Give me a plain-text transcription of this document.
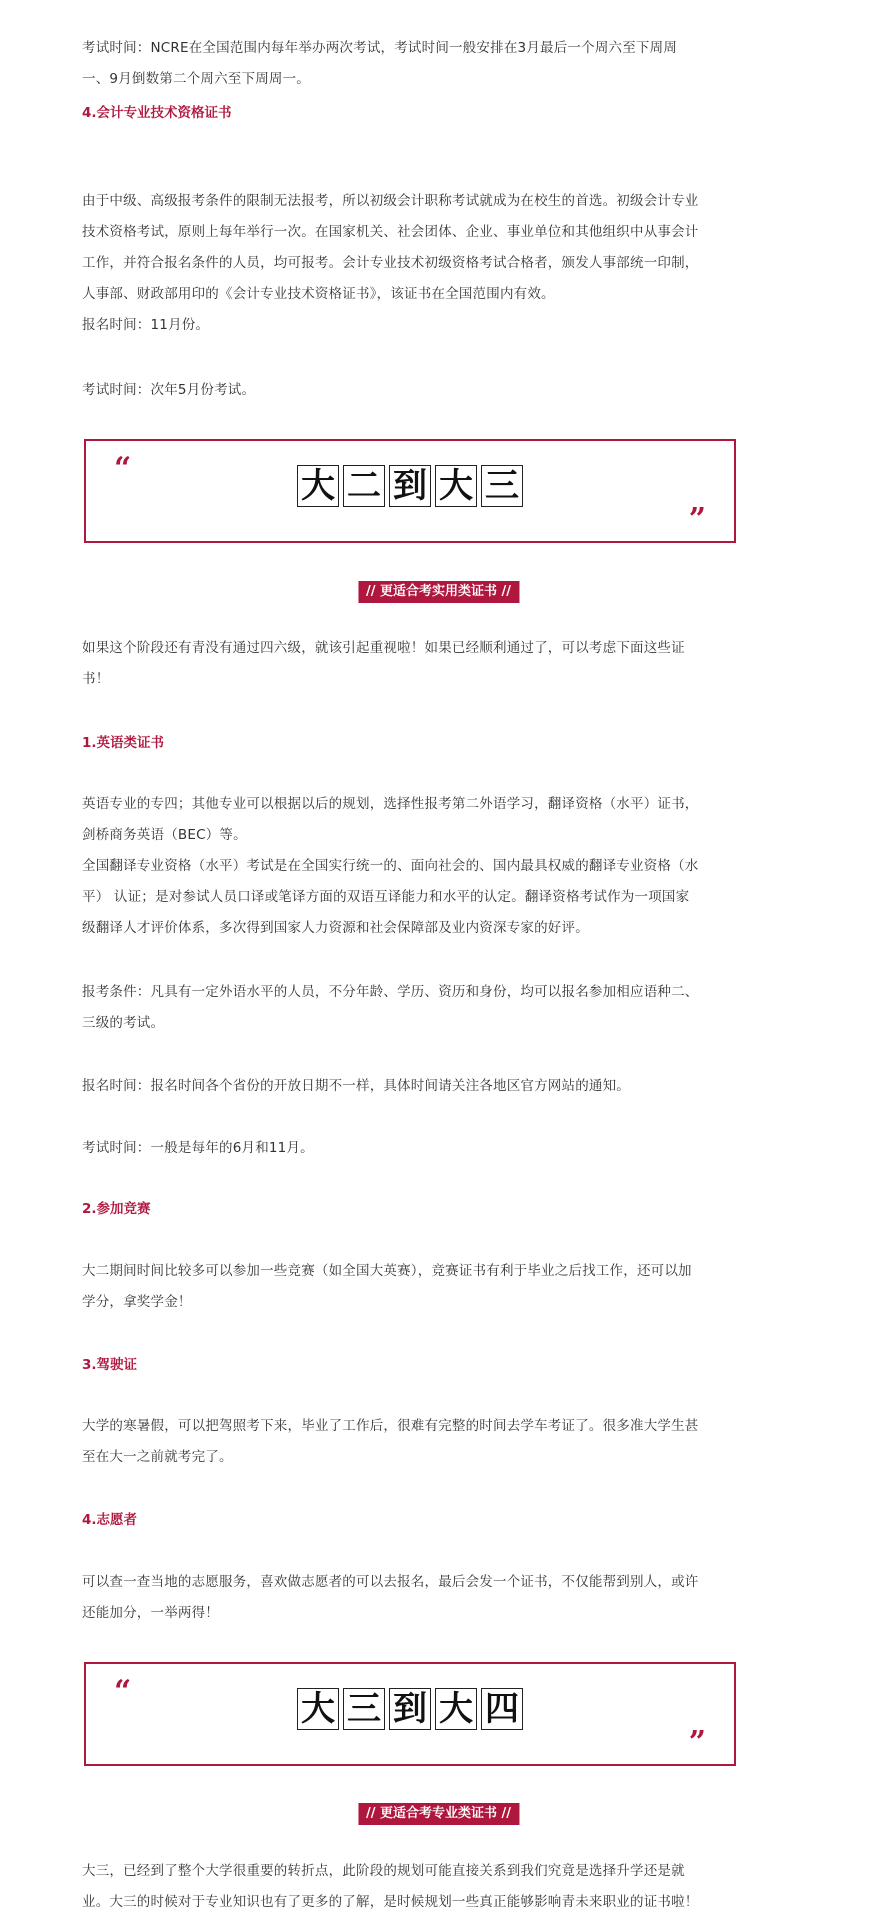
考试时间：NCRE在全国范围内每年举办两次考试，考试时间一般安排在3月最后一个周六至下周周

一、9月倒数第二个周六至下周周一。

4.会计专业技术资格证书

由于中级、高级报考条件的限制无法报考，所以初级会计职称考试就成为在校生的首选。初级会计专业

技术资格考试，原则上每年举行一次。在国家机关、社会团体、企业、事业单位和其他组织中从事会计

工作，并符合报名条件的人员，均可报考。会计专业技术初级资格考试合格者，颁发人事部统一印制，

人事部、财政部用印的《会计专业技术资格证书》，该证书在全国范围内有效。

报名时间：11月份。

考试时间：次年5月份考试。

“	大 二 到 大 三
”
// 更适合考实用类证书 //

如果这个阶段还有青没有通过四六级，就该引起重视啦！如果已经顺利通过了，可以考虑下面这些证

书！

1.英语类证书

英语专业的专四；其他专业可以根据以后的规划，选择性报考第二外语学习，翻译资格（水平）证书，

剑桥商务英语（BEC）等。

全国翻译专业资格（水平）考试是在全国实行统一的、面向社会的、国内最具权威的翻译专业资格（水

平） 认证；是对参试人员口译或笔译方面的双语互译能力和水平的认定。翻译资格考试作为一项国家

级翻译人才评价体系，多次得到国家人力资源和社会保障部及业内资深专家的好评。

报考条件：凡具有一定外语水平的人员，不分年龄、学历、资历和身份，均可以报名参加相应语种二、

三级的考试。

报名时间：报名时间各个省份的开放日期不一样，具体时间请关注各地区官方网站的通知。

考试时间：一般是每年的6月和11月。

2.参加竞赛

大二期间时间比较多可以参加一些竞赛（如全国大英赛），竞赛证书有利于毕业之后找工作，还可以加

学分，拿奖学金！

3.驾驶证

大学的寒暑假，可以把驾照考下来，毕业了工作后，很难有完整的时间去学车考证了。很多准大学生甚

至在大一之前就考完了。

4.志愿者

可以查一查当地的志愿服务，喜欢做志愿者的可以去报名，最后会发一个证书，不仅能帮到别人，或许

还能加分，一举两得！

“	大 三 到 大 四
”
// 更适合考专业类证书 //

大三，已经到了整个大学很重要的转折点，此阶段的规划可能直接关系到我们究竟是选择升学还是就

业。大三的时候对于专业知识也有了更多的了解，是时候规划一些真正能够影响青未来职业的证书啦！
